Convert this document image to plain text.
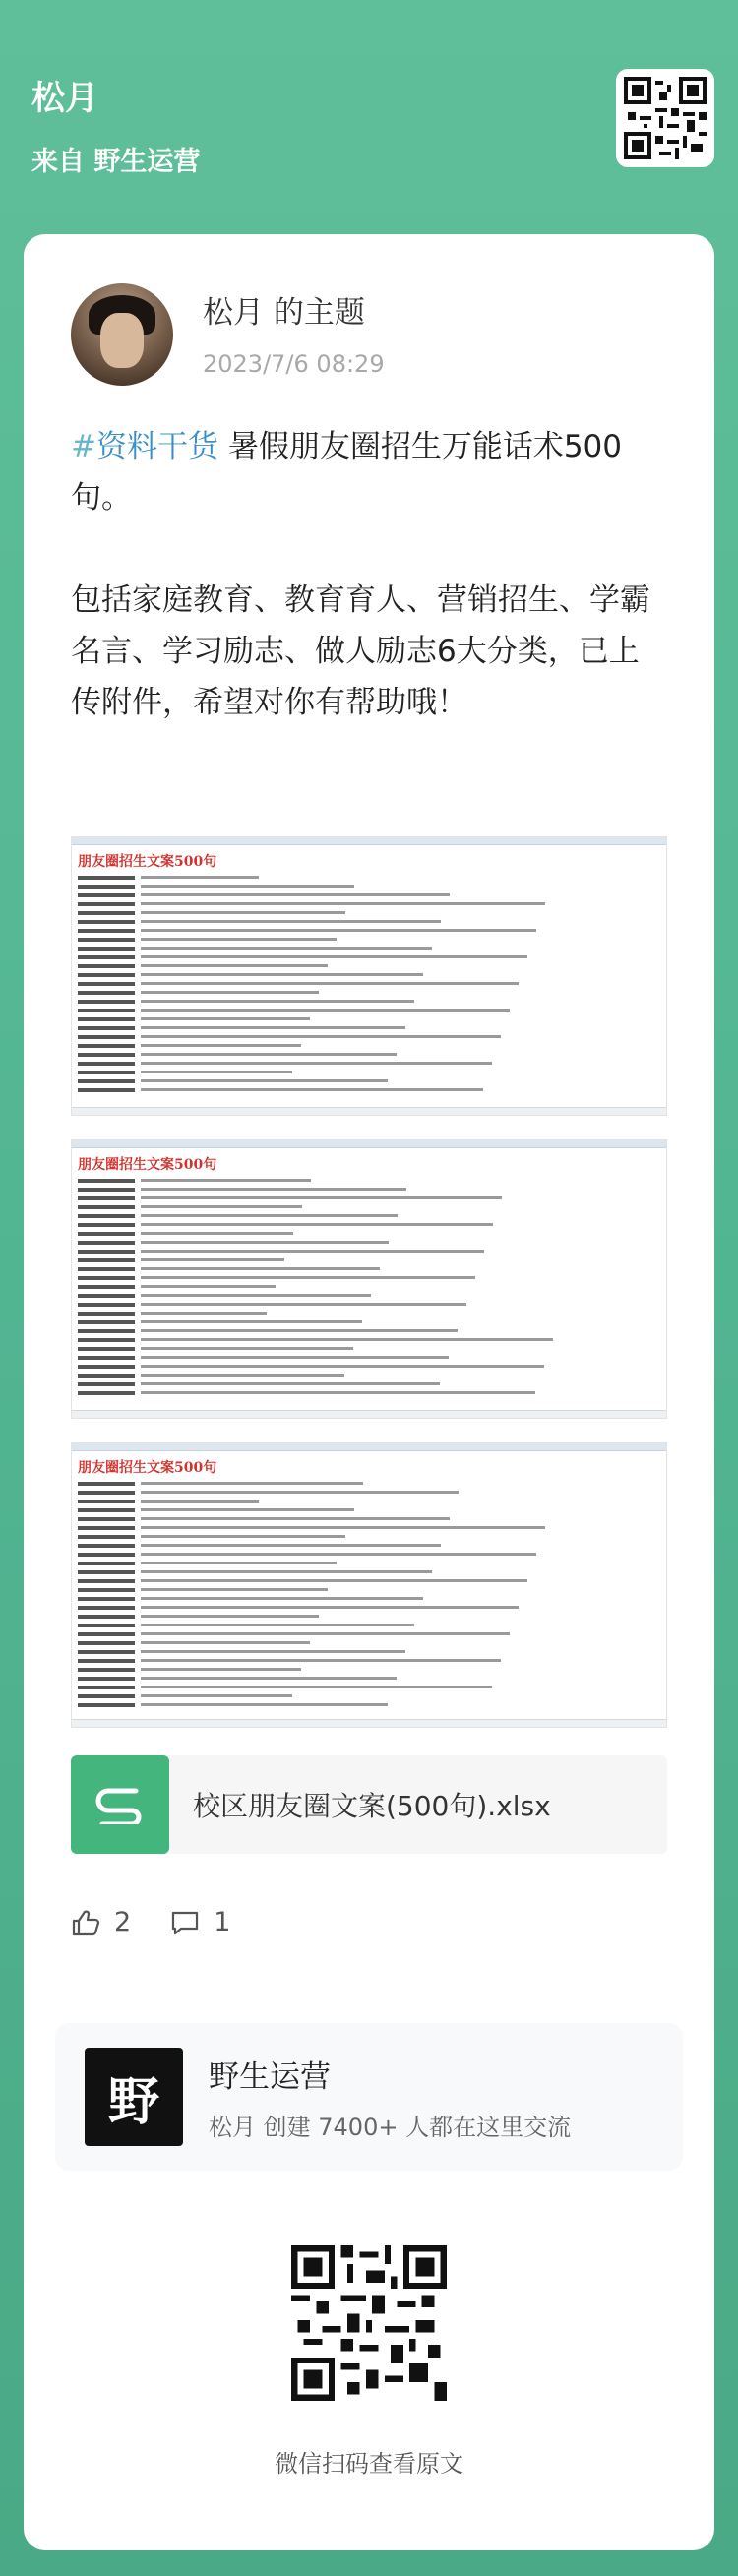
松月
来自 野生运营
松月 的主题
2023/7/6 08:29

#资料干货 暑假朋友圈招生万能话术500句。

包括家庭教育、教育育人、营销招生、学霸名言、学习励志、做人励志6大分类，已上传附件，希望对你有帮助哦！

朋友圈招生文案500句
朋友圈招生文案500句
朋友圈招生文案500句
校区朋友圈文案(500句).xlsx
2	1
野 野生运营
松月 创建 7400+ 人都在这里交流
微信扫码查看原文
